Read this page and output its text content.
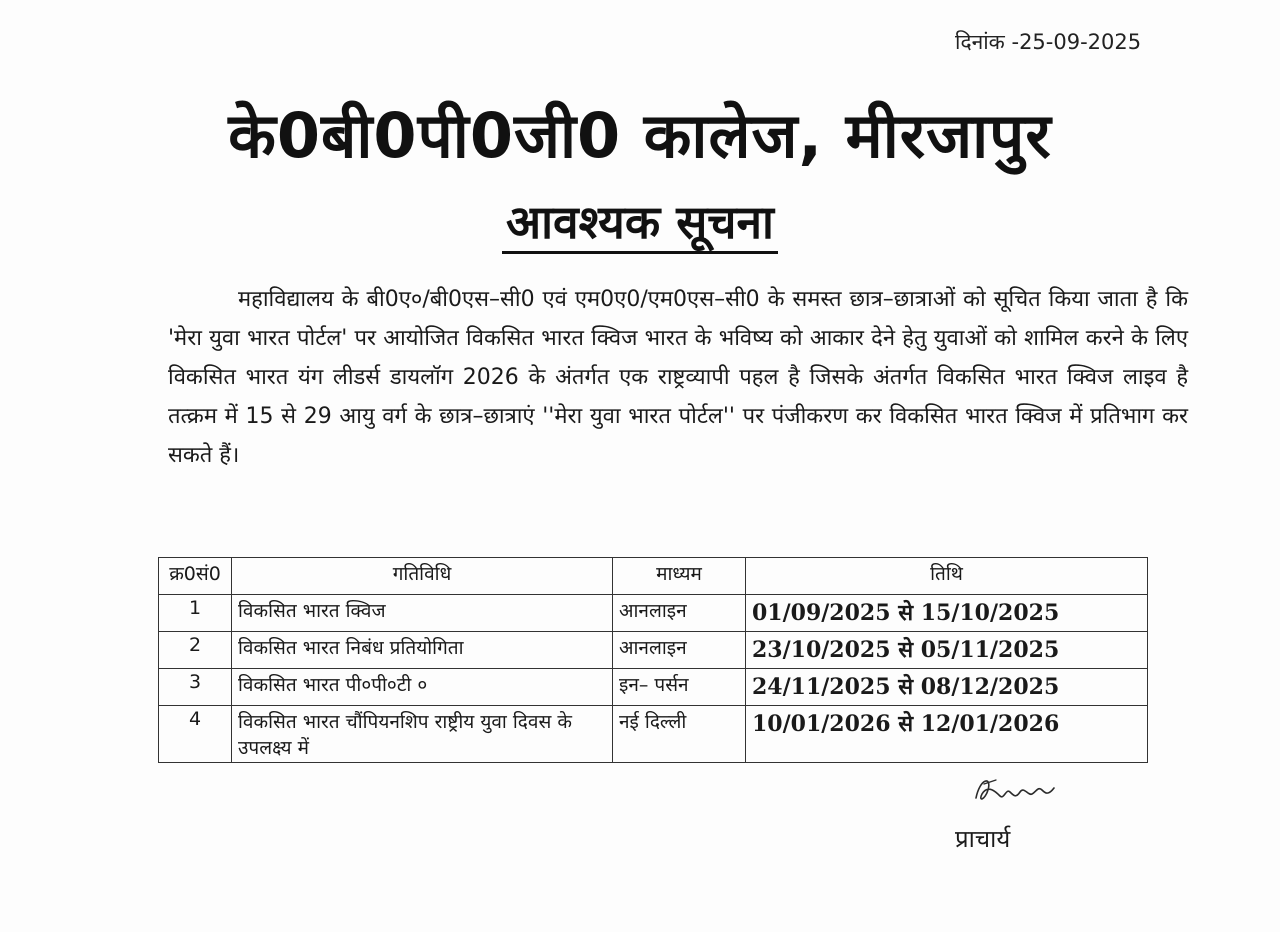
दिनांक -25-09-2025
के0बी0पी0जी0 कालेज, मीरजापुर
आवश्यक सूचना

महाविद्यालय के बी0ए०/बी0एस–सी0 एवं एम0ए0/एम0एस–सी0 के समस्त छात्र–छात्राओं को सूचित किया जाता है कि 'मेरा युवा भारत पोर्टल' पर आयोजित विकसित भारत क्विज भारत के भविष्य को आकार देने हेतु युवाओं को शामिल करने के लिए विकसित भारत यंग लीडर्स डायलॉग 2026 के अंतर्गत एक राष्ट्रव्यापी पहल है जिसके अंतर्गत विकसित भारत क्विज लाइव है तत्क्रम में 15 से 29 आयु वर्ग के छात्र–छात्राएं ''मेरा युवा भारत पोर्टल'' पर पंजीकरण कर विकसित भारत क्विज में प्रतिभाग कर सकते हैं।

क्र0सं0	गतिविधि	माध्यम	तिथि
1	विकसित भारत क्विज	आनलाइन	01/09/2025 से 15/10/2025
2	विकसित भारत निबंध प्रतियोगिता	आनलाइन	23/10/2025 से 05/11/2025
3	विकसित भारत पी०पी०टी ०	इन– पर्सन	24/11/2025 से 08/12/2025
4	विकसित भारत चौंपियनशिप राष्ट्रीय युवा दिवस के उपलक्ष्य में	नई दिल्ली	10/01/2026 से 12/01/2026
प्राचार्य
